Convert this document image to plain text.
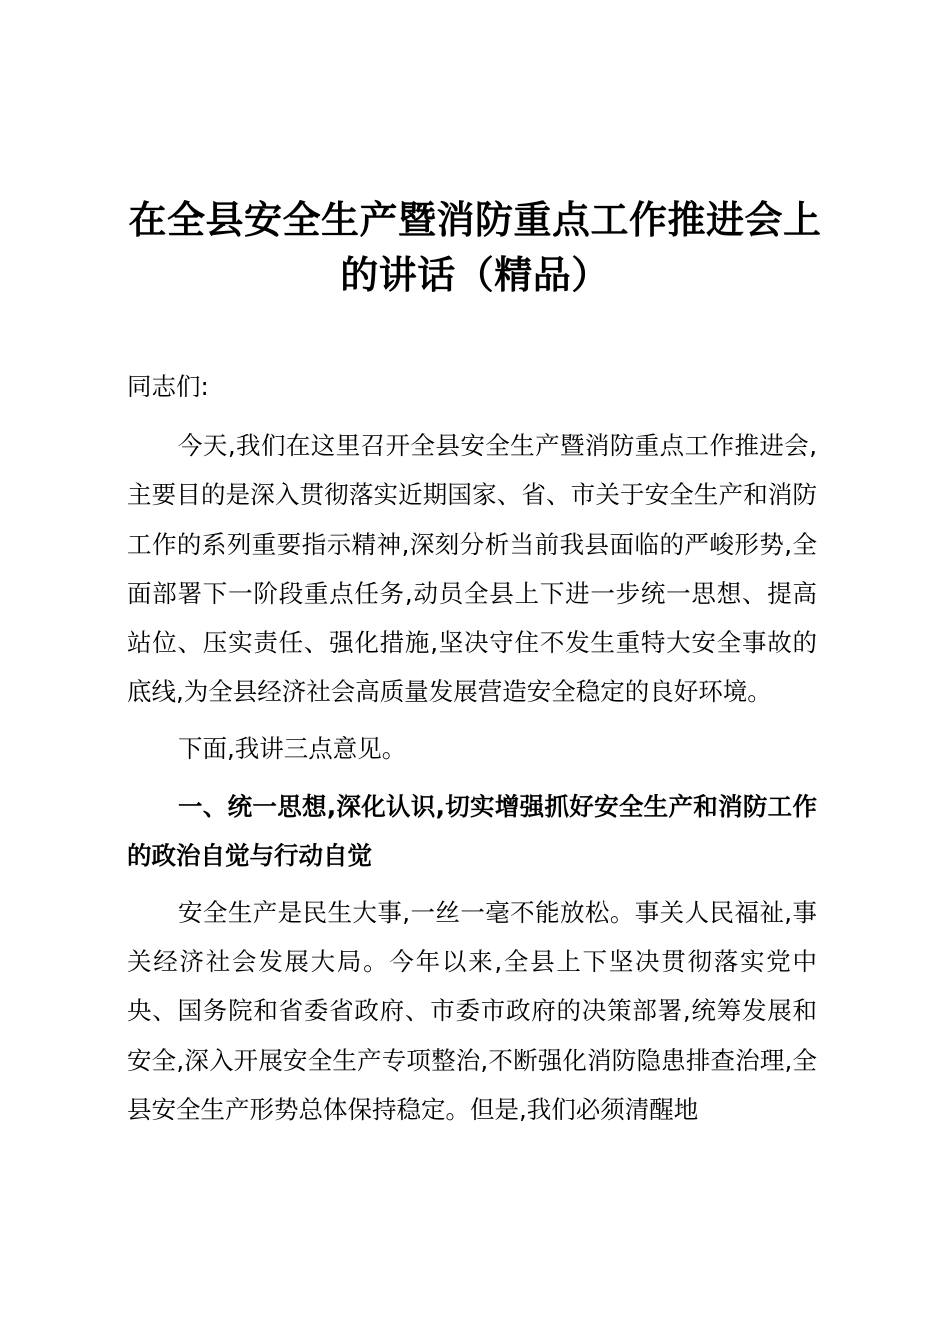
在全县安全生产暨消防重点工作推进会上的讲话（精品）

同志们:

今天,我们在这里召开全县安全生产暨消防重点工作推进会,主要目的是深入贯彻落实近期国家、省、市关于安全生产和消防工作的系列重要指示精神,深刻分析当前我县面临的严峻形势,全面部署下一阶段重点任务,动员全县上下进一步统一思想、提高站位、压实责任、强化措施,坚决守住不发生重特大安全事故的底线,为全县经济社会高质量发展营造安全稳定的良好环境。

下面,我讲三点意见。

一、统一思想,深化认识,切实增强抓好安全生产和消防工作的政治自觉与行动自觉

安全生产是民生大事,一丝一毫不能放松。事关人民福祉,事关经济社会发展大局。今年以来,全县上下坚决贯彻落实党中央、国务院和省委省政府、市委市政府的决策部署,统筹发展和安全,深入开展安全生产专项整治,不断强化消防隐患排查治理,全县安全生产形势总体保持稳定。但是,我们必须清醒地
